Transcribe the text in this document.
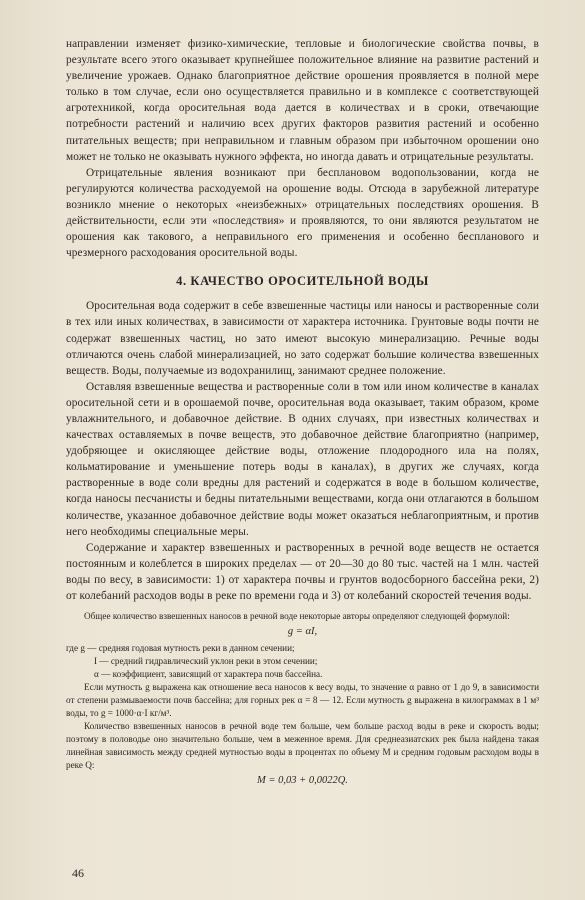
направлении изменяет физико-химические, тепловые и биологические свойства почвы, в результате всего этого оказывает крупнейшее положительное влияние на развитие растений и увеличение урожаев. Однако благоприятное действие орошения проявляется в полной мере только в том случае, если оно осуществляется правильно и в комплексе с соответствующей агротехникой, когда оросительная вода дается в количествах и в сроки, отвечающие потребности растений и наличию всех других факторов развития растений и особенно питательных веществ; при неправильном и главным образом при избыточном орошении оно может не только не оказывать нужного эффекта, но иногда давать и отрицательные результаты.

Отрицательные явления возникают при бесплановом водопользовании, когда не регулируются количества расходуемой на орошение воды. Отсюда в зарубежной литературе возникло мнение о некоторых «неизбежных» отрицательных последствиях орошения. В действительности, если эти «последствия» и проявляются, то они являются результатом не орошения как такового, а неправильного его применения и особенно беспланового и чрезмерного расходования оросительной воды.

4. КАЧЕСТВО ОРОСИТЕЛЬНОЙ ВОДЫ

Оросительная вода содержит в себе взвешенные частицы или наносы и растворенные соли в тех или иных количествах, в зависимости от характера источника. Грунтовые воды почти не содержат взвешенных частиц, но зато имеют высокую минерализацию. Речные воды отличаются очень слабой минерализацией, но зато содержат большие количества взвешенных веществ. Воды, получаемые из водохранилищ, занимают среднее положение.

Оставляя взвешенные вещества и растворенные соли в том или ином количестве в каналах оросительной сети и в орошаемой почве, оросительная вода оказывает, таким образом, кроме увлажнительного, и добавочное действие. В одних случаях, при известных количествах и качествах оставляемых в почве веществ, это добавочное действие благоприятно (например, удобряющее и окисляющее действие воды, отложение плодородного ила на полях, кольматирование и уменьшение потерь воды в каналах), в других же случаях, когда растворенные в воде соли вредны для растений и содержатся в воде в большом количестве, когда наносы песчанисты и бедны питательными веществами, когда они отлагаются в большом количестве, указанное добавочное действие воды может оказаться неблагоприятным, и против него необходимы специальные меры.

Содержание и характер взвешенных и растворенных в речной воде веществ не остается постоянным и колеблется в широких пределах — от 20—30 до 80 тыс. частей на 1 млн. частей воды по весу, в зависимости: 1) от характера почвы и грунтов водосборного бассейна реки, 2) от колебаний расходов воды в реке по времени года и 3) от колебаний скоростей течения воды.

Общее количество взвешенных наносов в речной воде некоторые авторы определяют следующей формулой:

g = αI,
где g — средняя годовая мутность реки в данном сечении;
I — средний гидравлический уклон реки в этом сечении;
α — коэффициент, зависящий от характера почв бассейна.

Если мутность g выражена как отношение веса наносов к весу воды, то значение α равно от 1 до 9, в зависимости от степени размываемости почв бассейна; для горных рек α = 8 — 12. Если мутность g выражена в килограммах в 1 м³ воды, то g = 1000·α·I кг/м³.

Количество взвешенных наносов в речной воде тем больше, чем больше расход воды в реке и скорость воды; поэтому в половодье оно значительно больше, чем в меженное время. Для среднеазиатских рек была найдена такая линейная зависимость между средней мутностью воды в процентах по объему M и средним годовым расходом воды в реке Q:

M = 0,03 + 0,0022Q.
46
